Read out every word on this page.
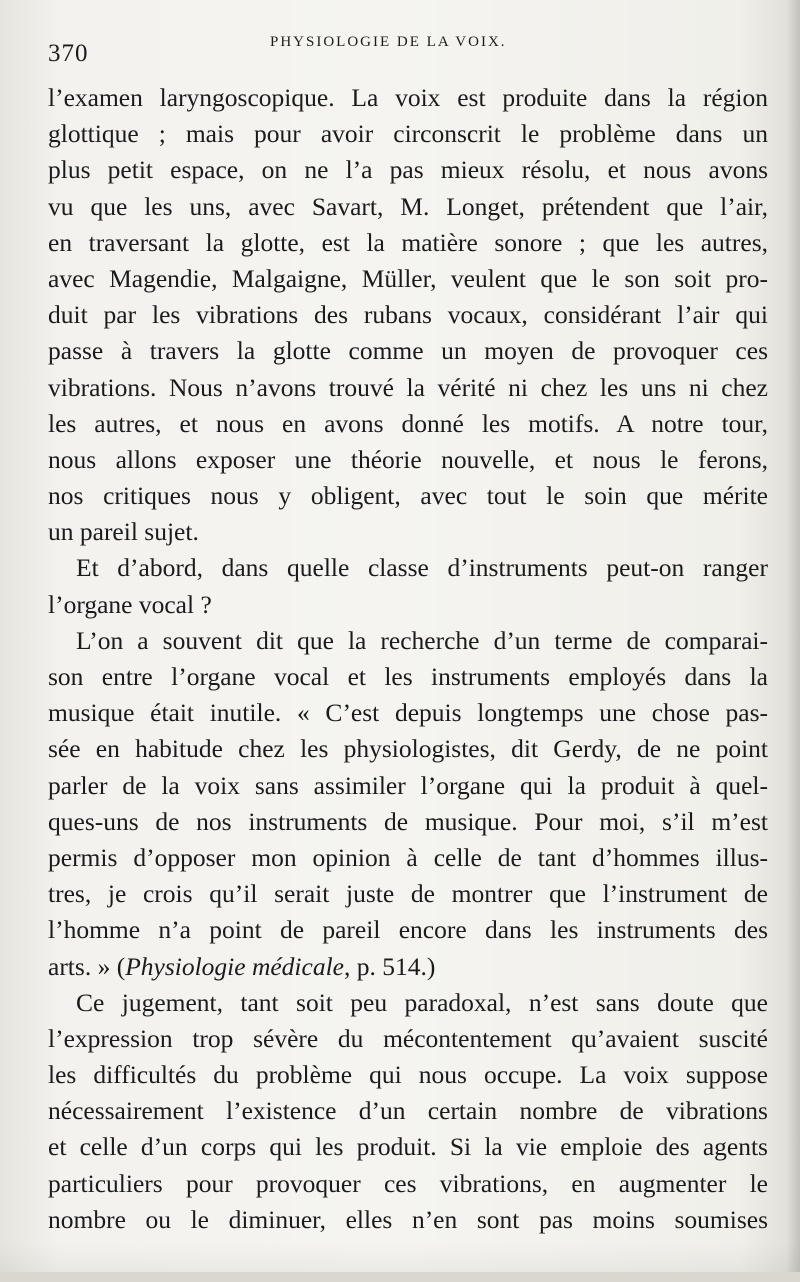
370	PHYSIOLOGIE DE LA VOIX.
l’examen laryngoscopique. La voix est produite dans la région
glottique ; mais pour avoir circonscrit le problème dans un
plus petit espace, on ne l’a pas mieux résolu, et nous avons
vu que les uns, avec Savart, M. Longet, prétendent que l’air,
en traversant la glotte, est la matière sonore ; que les autres,
avec Magendie, Malgaigne, Müller, veulent que le son soit pro-
duit par les vibrations des rubans vocaux, considérant l’air qui
passe à travers la glotte comme un moyen de provoquer ces
vibrations. Nous n’avons trouvé la vérité ni chez les uns ni chez
les autres, et nous en avons donné les motifs. A notre tour,
nous allons exposer une théorie nouvelle, et nous le ferons,
nos critiques nous y obligent, avec tout le soin que mérite
un pareil sujet.
Et d’abord, dans quelle classe d’instruments peut-on ranger
l’organe vocal ?
L’on a souvent dit que la recherche d’un terme de comparai-
son entre l’organe vocal et les instruments employés dans la
musique était inutile. « C’est depuis longtemps une chose pas-
sée en habitude chez les physiologistes, dit Gerdy, de ne point
parler de la voix sans assimiler l’organe qui la produit à quel-
ques-uns de nos instruments de musique. Pour moi, s’il m’est
permis d’opposer mon opinion à celle de tant d’hommes illus-
tres, je crois qu’il serait juste de montrer que l’instrument de
l’homme n’a point de pareil encore dans les instruments des
arts. » (Physiologie médicale, p. 514.)
Ce jugement, tant soit peu paradoxal, n’est sans doute que
l’expression trop sévère du mécontentement qu’avaient suscité
les difficultés du problème qui nous occupe. La voix suppose
nécessairement l’existence d’un certain nombre de vibrations
et celle d’un corps qui les produit. Si la vie emploie des agents
particuliers pour provoquer ces vibrations, en augmenter le
nombre ou le diminuer, elles n’en sont pas moins soumises
